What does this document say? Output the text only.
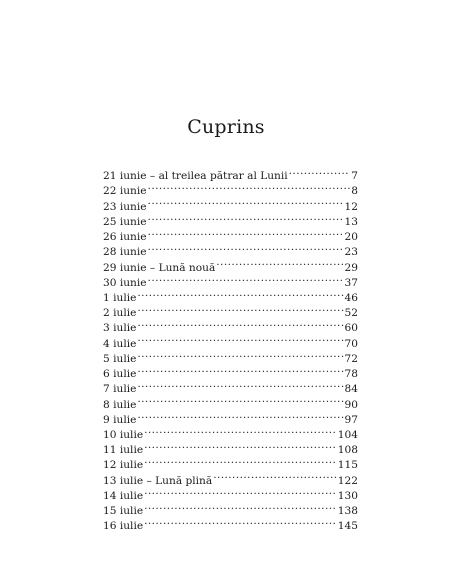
Cuprins
21 iunie – al treilea pătrar al Lunii .....	7
22 iunie .....	8
23 iunie .....	12
25 iunie .....	13
26 iunie .....	20
28 iunie .....	23
29 iunie – Lună nouă .....	29
30 iunie .....	37
1 iulie .....	46
2 iulie .....	52
3 iulie .....	60
4 iulie .....	70
5 iulie .....	72
6 iulie .....	78
7 iulie .....	84
8 iulie .....	90
9 iulie .....	97
10 iulie .....	104
11 iulie .....	108
12 iulie .....	115
13 iulie – Lună plină .....	122
14 iulie .....	130
15 iulie .....	138
16 iulie .....	145
